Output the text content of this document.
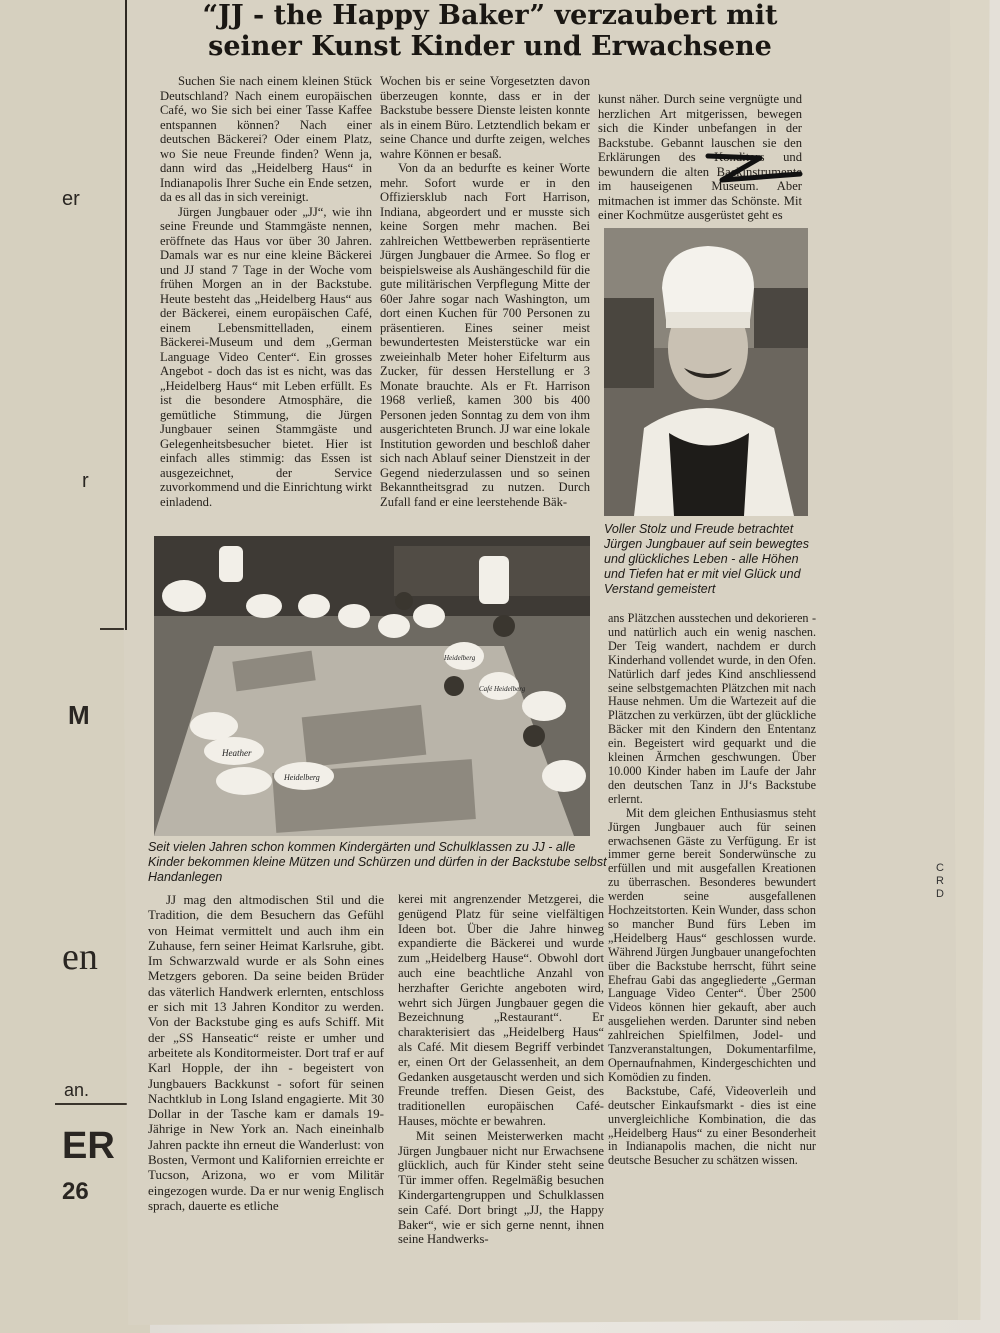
er
r
M
en
an.
ER
26
“JJ - the Happy Baker” verzaubert mit
seiner Kunst Kinder und Erwachsene

Suchen Sie nach einem kleinen Stück Deutschland? Nach einem europäischen Café, wo Sie sich bei einer Tasse Kaffee entspannen können? Nach einer deutschen Bäckerei? Oder einem Platz, wo Sie neue Freunde finden? Wenn ja, dann wird das „Heidelberg Haus“ in Indianapolis Ihrer Suche ein Ende setzen, da es all das in sich vereinigt.

Jürgen Jungbauer oder „JJ“, wie ihn seine Freunde und Stammgäste nennen, eröffnete das Haus vor über 30 Jahren. Damals war es nur eine kleine Bäckerei und JJ stand 7 Tage in der Woche vom frühen Morgen an in der Backstube. Heute besteht das „Heidelberg Haus“ aus der Bäckerei, einem europäischen Café, einem Lebensmittelladen, einem Bäckerei-Museum und dem „German Language Video Center“. Ein grosses Angebot - doch das ist es nicht, was das „Heidelberg Haus“ mit Leben erfüllt. Es ist die besondere Atmosphäre, die gemütliche Stimmung, die Jürgen Jungbauer seinen Stammgäste und Gelegenheitsbesucher bietet. Hier ist einfach alles stimmig: das Essen ist ausgezeichnet, der Service zuvorkommend und die Einrichtung wirkt einladend.

Wochen bis er seine Vorgesetzten davon überzeugen konnte, dass er in der Backstube bessere Dienste leisten konnte als in einem Büro. Letztendlich bekam er seine Chance und durfte zeigen, welches wahre Können er besaß.

Von da an bedurfte es keiner Worte mehr. Sofort wurde er in den Offiziersklub nach Fort Harrison, Indiana, abgeordert und er musste sich keine Sorgen mehr machen. Bei zahlreichen Wettbewerben repräsentierte Jürgen Jungbauer die Armee. So flog er beispielsweise als Aushängeschild für die gute militärischen Verpflegung Mitte der 60er Jahre sogar nach Washington, um dort einen Kuchen für 700 Personen zu präsentieren. Eines seiner meist bewundertesten Meisterstücke war ein zweieinhalb Meter hoher Eifelturm aus Zucker, für dessen Herstellung er 3 Monate brauchte. Als er Ft. Harrison 1968 verließ, kamen 300 bis 400 Personen jeden Sonntag zu dem von ihm ausgerichteten Brunch. JJ war eine lokale Institution geworden und beschloß daher sich nach Ablauf seiner Dienstzeit in der Gegend niederzulassen und so seinen Bekanntheitsgrad zu nutzen. Durch Zufall fand er eine leerstehende Bäk-

kunst näher. Durch seine vergnügte und herzlichen Art mitgerissen, bewegen sich die Kinder unbefangen in der Backstube. Gebannt lauschen sie den Erklärungen des Konditors und bewundern die alten Backinstrumente im hauseigenen Museum. Aber mitmachen ist immer das Schönste. Mit einer Kochmütze ausgerüstet geht es

Voller Stolz und Freude betrachtet Jürgen Jungbauer auf sein bewegtes und glückliches Leben - alle Höhen und Tiefen hat er mit viel Glück und Verstand gemeistert
Heidelberg
Café Heidelberg
Heather
Heidelberg
Seit vielen Jahren schon kommen Kindergärten und Schulklassen zu JJ - alle Kinder bekommen kleine Mützen und Schürzen und dürfen in der Backstube selbst Handanlegen

ans Plätzchen ausstechen und dekorieren - und natürlich auch ein wenig naschen. Der Teig wandert, nachdem er durch Kinderhand vollendet wurde, in den Ofen. Natürlich darf jedes Kind anschliessend seine selbstgemachten Plätzchen mit nach Hause nehmen. Um die Wartezeit auf die Plätzchen zu verkürzen, übt der glückliche Bäcker mit den Kindern den Ententanz ein. Begeistert wird gequarkt und die kleinen Ärmchen geschwungen. Über 10.000 Kinder haben im Laufe der Jahr den deutschen Tanz in JJ‘s Backstube erlernt.

Mit dem gleichen Enthusiasmus steht Jürgen Jungbauer auch für seinen erwachsenen Gäste zu Verfügung. Er ist immer gerne bereit Sonderwünsche zu erfüllen und mit ausgefallen Kreationen zu überraschen. Besonderes bewundert werden seine ausgefallenen Hochzeitstorten. Kein Wunder, dass schon so mancher Bund fürs Leben im „Heidelberg Haus“ geschlossen wurde. Während Jürgen Jungbauer unangefochten über die Backstube herrscht, führt seine Ehefrau Gabi das angegliederte „German Language Video Center“. Über 2500 Videos können hier gekauft, aber auch ausgeliehen werden. Darunter sind neben zahlreichen Spielfilmen, Jodel- und Tanzveranstaltungen, Dokumentarfilme, Opernaufnahmen, Kindergeschichten und Komödien zu finden.

Backstube, Café, Videoverleih und deutscher Einkaufsmarkt - dies ist eine unvergleichliche Kombination, die das „Heidelberg Haus“ zu einer Besonderheit in Indianapolis machen, die nicht nur deutsche Besucher zu schätzen wissen.

JJ mag den altmodischen Stil und die Tradition, die dem Besuchern das Gefühl von Heimat vermittelt und auch ihm ein Zuhause, fern seiner Heimat Karlsruhe, gibt. Im Schwarzwald wurde er als Sohn eines Metzgers geboren. Da seine beiden Brüder das väterlich Handwerk erlernten, entschloss er sich mit 13 Jahren Konditor zu werden. Von der Backstube ging es aufs Schiff. Mit der „SS Hanseatic“ reiste er umher und arbeitete als Konditormeister. Dort traf er auf Karl Hopple, der ihn - begeistert von Jungbauers Backkunst - sofort für seinen Nachtklub in Long Island engagierte. Mit 30 Dollar in der Tasche kam er damals 19-Jährige in New York an. Nach eineinhalb Jahren packte ihn erneut die Wanderlust: von Bosten, Vermont und Kalifornien erreichte er Tucson, Arizona, wo er vom Militär eingezogen wurde. Da er nur wenig Englisch sprach, dauerte es etliche

kerei mit angrenzender Metzgerei, die genügend Platz für seine vielfältigen Ideen bot. Über die Jahre hinweg expandierte die Bäckerei und wurde zum „Heidelberg Hause“. Obwohl dort auch eine beachtliche Anzahl von herzhafter Gerichte angeboten wird, wehrt sich Jürgen Jungbauer gegen die Bezeichnung „Restaurant“. Er charakterisiert das „Heidelberg Haus“ als Café. Mit diesem Begriff verbindet er, einen Ort der Gelassenheit, an dem Gedanken ausgetauscht werden und sich Freunde treffen. Diesen Geist, des traditionellen europäischen Café-Hauses, möchte er bewahren.

Mit seinen Meisterwerken macht Jürgen Jungbauer nicht nur Erwachsene glücklich, auch für Kinder steht seine Tür immer offen. Regelmäßig besuchen Kindergartengruppen und Schulklassen sein Café. Dort bringt „JJ, the Happy Baker“, wie er sich gerne nennt, ihnen seine Handwerks-

C
R
D
